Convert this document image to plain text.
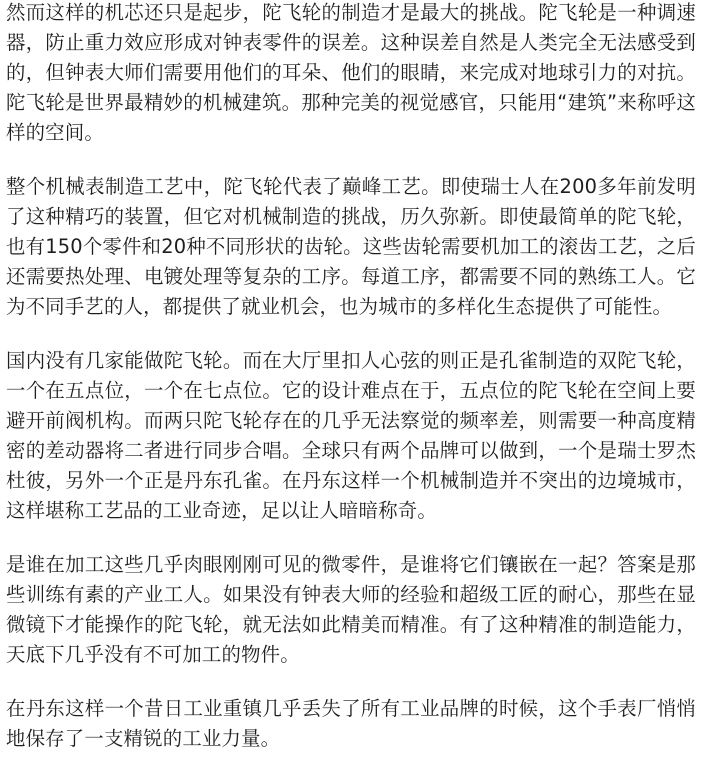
然而这样的机芯还只是起步，陀飞轮的制造才是最大的挑战。陀飞轮是一种调速器，防止重力效应形成对钟表零件的误差。这种误差自然是人类完全无法感受到的，但钟表大师们需要用他们的耳朵、他们的眼睛，来完成对地球引力的对抗。陀飞轮是世界最精妙的机械建筑。那种完美的视觉感官，只能用“建筑”来称呼这样的空间。

整个机械表制造工艺中，陀飞轮代表了巅峰工艺。即使瑞士人在200多年前发明了这种精巧的装置，但它对机械制造的挑战，历久弥新。即使最简单的陀飞轮，也有150个零件和20种不同形状的齿轮。这些齿轮需要机加工的滚齿工艺，之后还需要热处理、电镀处理等复杂的工序。每道工序，都需要不同的熟练工人。它为不同手艺的人，都提供了就业机会，也为城市的多样化生态提供了可能性。

国内没有几家能做陀飞轮。而在大厅里扣人心弦的则正是孔雀制造的双陀飞轮，一个在五点位，一个在七点位。它的设计难点在于，五点位的陀飞轮在空间上要避开前阀机构。而两只陀飞轮存在的几乎无法察觉的频率差，则需要一种高度精密的差动器将二者进行同步合唱。全球只有两个品牌可以做到，一个是瑞士罗杰杜彼，另外一个正是丹东孔雀。在丹东这样一个机械制造并不突出的边境城市，这样堪称工艺品的工业奇迹，足以让人暗暗称奇。

是谁在加工这些几乎肉眼刚刚可见的微零件，是谁将它们镶嵌在一起？答案是那些训练有素的产业工人。如果没有钟表大师的经验和超级工匠的耐心，那些在显微镜下才能操作的陀飞轮，就无法如此精美而精准。有了这种精准的制造能力，天底下几乎没有不可加工的物件。

在丹东这样一个昔日工业重镇几乎丢失了所有工业品牌的时候，这个手表厂悄悄地保存了一支精锐的工业力量。
